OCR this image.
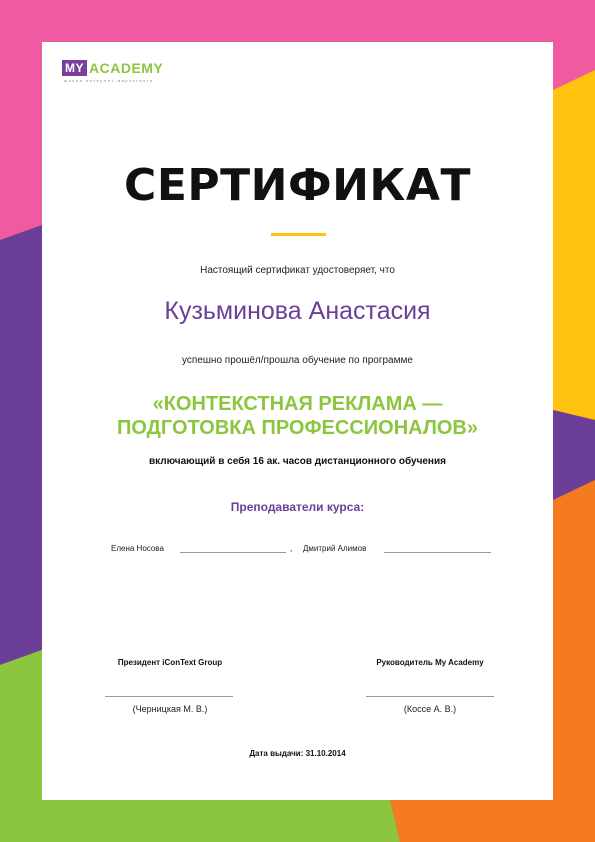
MY ACADEMY
школа интернет-маркетинга
СЕРТИФИКАТ
Настоящий сертификат удостоверяет, что
Кузьминова Анастасия
успешно прошёл/прошла обучение по программе
«КОНТЕКСТНАЯ РЕКЛАМА —
ПОДГОТОВКА ПРОФЕССИОНАЛОВ»
включающий в себя 16 ак. часов дистанционного обучения
Преподаватели курса:
Елена Носова	, Дмитрий Алимов
Президент iConText Group
(Черницкая М. В.)
Руководитель My Academy
(Коссе А. В.)
Дата выдачи: 31.10.2014
